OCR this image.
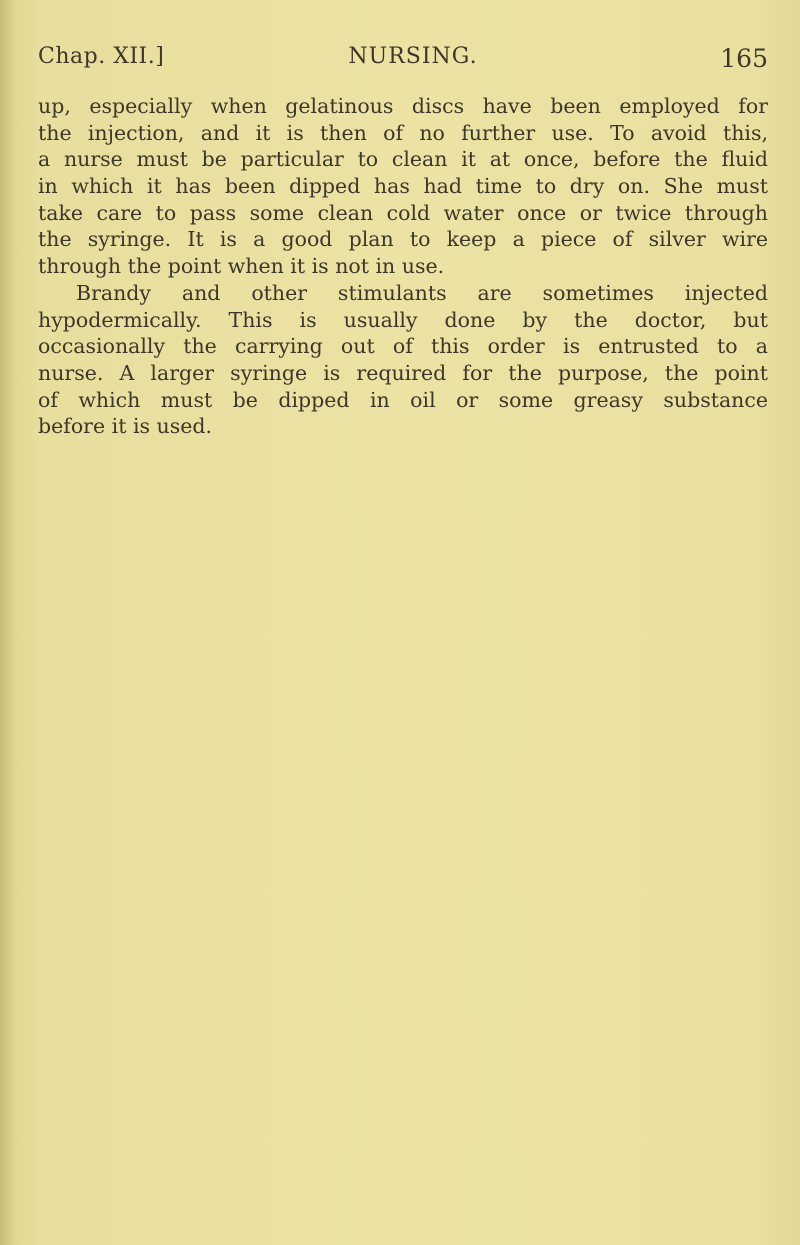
Chap. XII.]	NURSING.	165
up, especially when gelatinous discs have been employed for
the injection, and it is then of no further use. To avoid this,
a nurse must be particular to clean it at once, before the fluid
in which it has been dipped has had time to dry on. She must
take care to pass some clean cold water once or twice through
the syringe. It is a good plan to keep a piece of silver wire
through the point when it is not in use.
Brandy and other stimulants are sometimes injected
hypodermically. This is usually done by the doctor, but
occasionally the carrying out of this order is entrusted to a
nurse. A larger syringe is required for the purpose, the point
of which must be dipped in oil or some greasy substance
before it is used.
